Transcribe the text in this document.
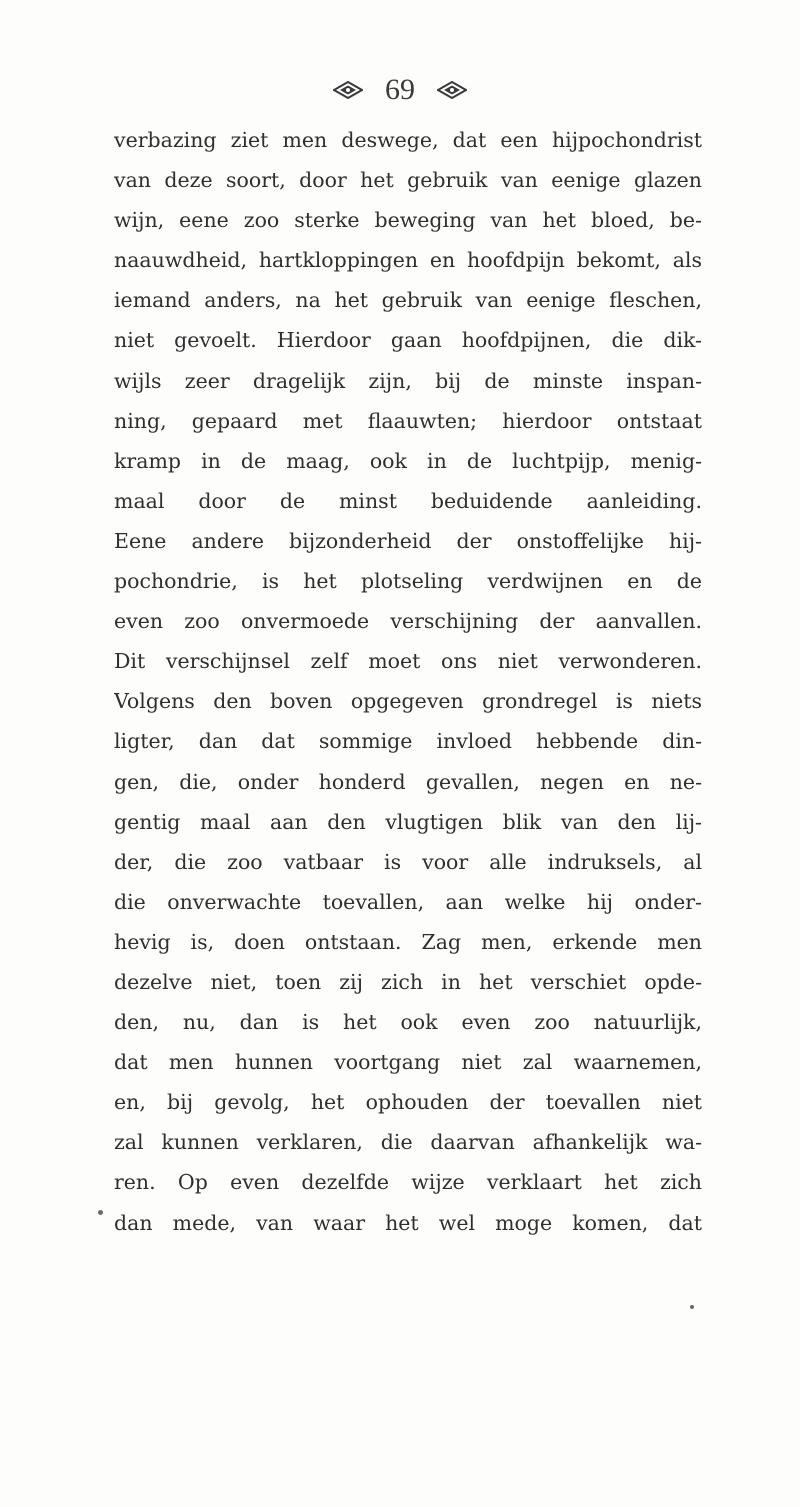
69
verbazing ziet men deswege, dat een hijpochondrist
van deze soort, door het gebruik van eenige glazen
wijn, eene zoo sterke beweging van het bloed, be-
naauwdheid, hartkloppingen en hoofdpijn bekomt, als
iemand anders, na het gebruik van eenige fleschen,
niet gevoelt. Hierdoor gaan hoofdpijnen, die dik-
wijls zeer dragelijk zijn, bij de minste inspan-
ning, gepaard met flaauwten; hierdoor ontstaat
kramp in de maag, ook in de luchtpijp, menig-
maal door de minst beduidende aanleiding.
Eene andere bijzonderheid der onstoffelijke hij-
pochondrie, is het plotseling verdwijnen en de
even zoo onvermoede verschijning der aanvallen.
Dit verschijnsel zelf moet ons niet verwonderen.
Volgens den boven opgegeven grondregel is niets
ligter, dan dat sommige invloed hebbende din-
gen, die, onder honderd gevallen, negen en ne-
gentig maal aan den vlugtigen blik van den lij-
der, die zoo vatbaar is voor alle indruksels, al
die onverwachte toevallen, aan welke hij onder-
hevig is, doen ontstaan. Zag men, erkende men
dezelve niet, toen zij zich in het verschiet opde-
den, nu, dan is het ook even zoo natuurlijk,
dat men hunnen voortgang niet zal waarnemen,
en, bij gevolg, het ophouden der toevallen niet
zal kunnen verklaren, die daarvan afhankelijk wa-
ren. Op even dezelfde wijze verklaart het zich
dan mede, van waar het wel moge komen, dat
